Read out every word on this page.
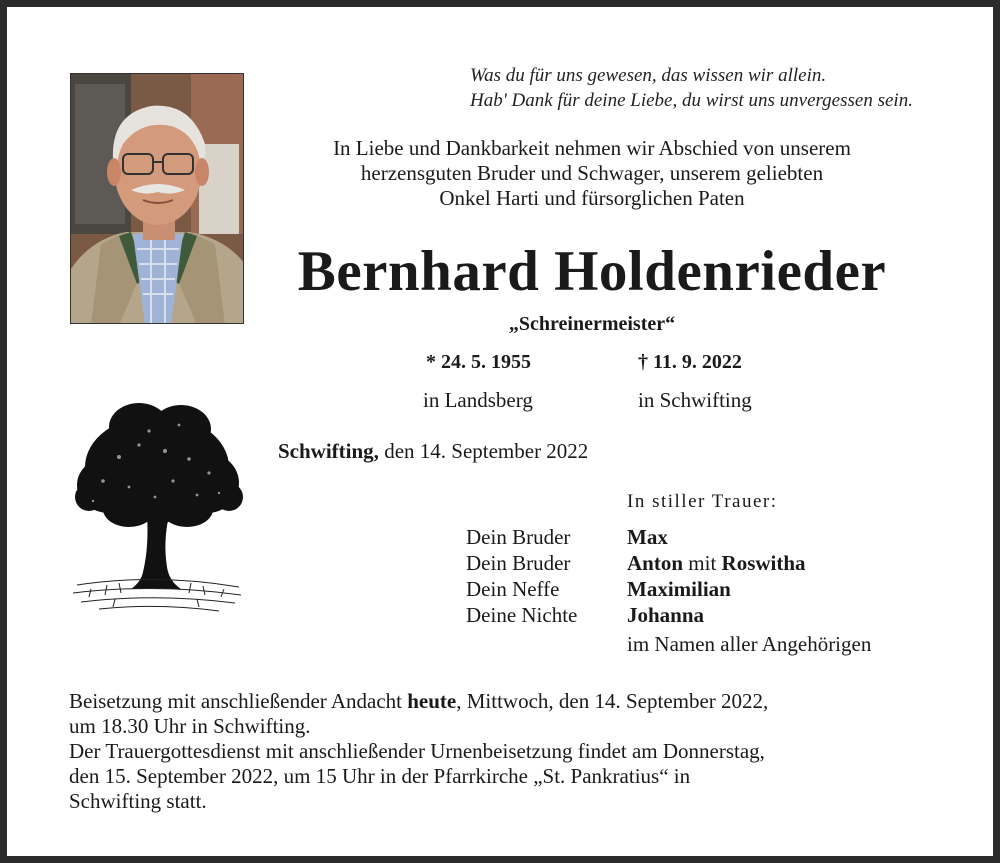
Was du für uns gewesen, das wissen wir allein.
Hab' Dank für deine Liebe, du wirst uns unvergessen sein.
In Liebe und Dankbarkeit nehmen wir Abschied von unserem
herzensguten Bruder und Schwager, unserem geliebten
Onkel Harti und fürsorglichen Paten
Bernhard Holdenrieder
„Schreinermeister“
* 24. 5. 1955	† 11. 9. 2022
in Landsberg	in Schwifting
Schwifting, den 14. September 2022
In stiller Trauer:
Dein Bruder	Max
Dein Bruder	Anton mit Roswitha
Dein Neffe	Maximilian
Deine Nichte	Johanna
im Namen aller Angehörigen

Beisetzung mit anschließender Andacht heute, Mittwoch, den 14. September 2022,

um 18.30 Uhr in Schwifting.

Der Trauergottesdienst mit anschließender Urnenbeisetzung findet am Donnerstag,

den 15. September 2022, um 15 Uhr in der Pfarrkirche „St. Pankratius“ in

Schwifting statt.
